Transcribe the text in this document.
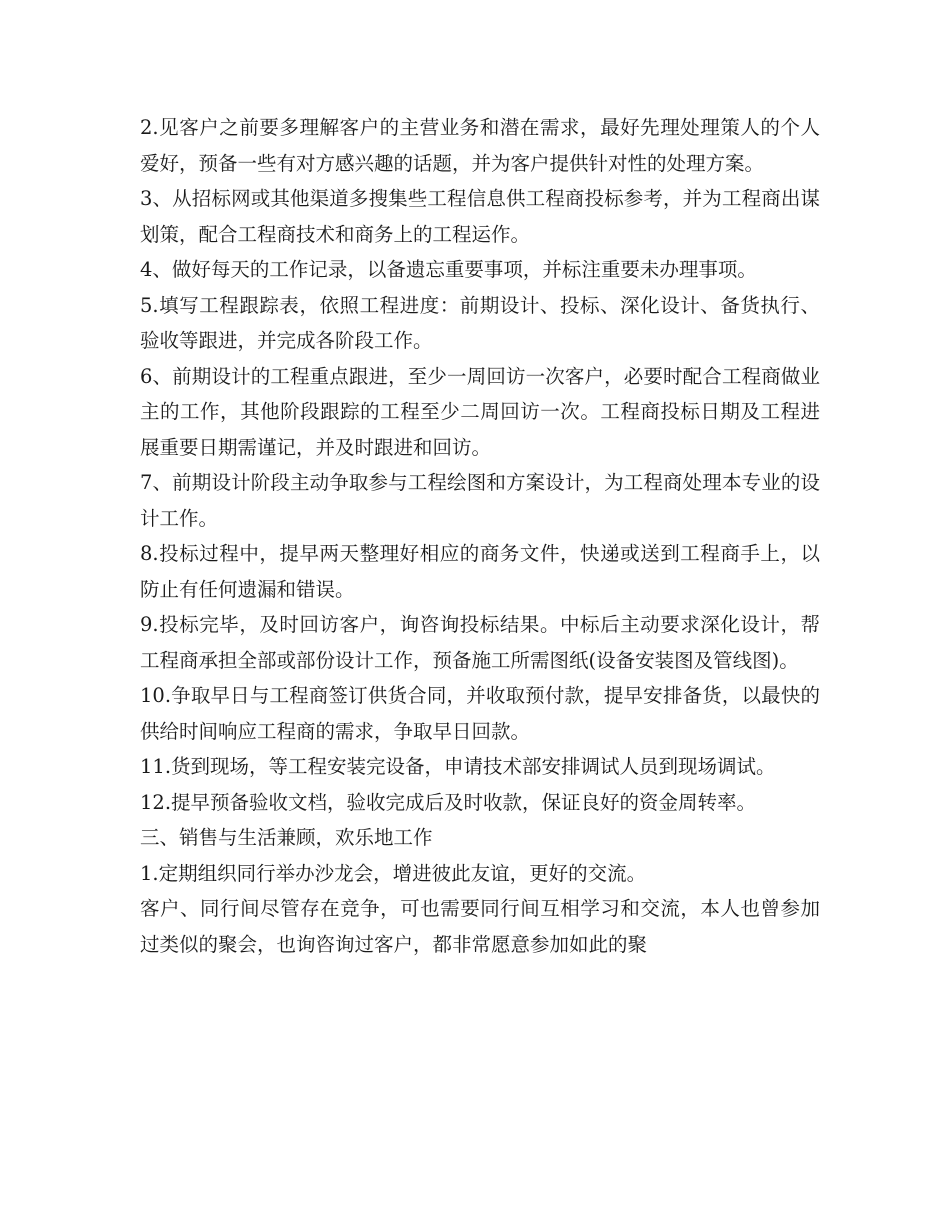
2.见客户之前要多理解客户的主营业务和潜在需求，最好先理处理策人的个人爱好，预备一些有对方感兴趣的话题，并为客户提供针对性的处理方案。

3、从招标网或其他渠道多搜集些工程信息供工程商投标参考，并为工程商出谋划策，配合工程商技术和商务上的工程运作。

4、做好每天的工作记录，以备遗忘重要事项，并标注重要未办理事项。

5.填写工程跟踪表，依照工程进度：前期设计、投标、深化设计、备货执行、验收等跟进，并完成各阶段工作。

6、前期设计的工程重点跟进，至少一周回访一次客户，必要时配合工程商做业主的工作，其他阶段跟踪的工程至少二周回访一次。工程商投标日期及工程进展重要日期需谨记，并及时跟进和回访。

7、前期设计阶段主动争取参与工程绘图和方案设计，为工程商处理本专业的设计工作。

8.投标过程中，提早两天整理好相应的商务文件，快递或送到工程商手上，以防止有任何遗漏和错误。

9.投标完毕，及时回访客户，询咨询投标结果。中标后主动要求深化设计，帮工程商承担全部或部份设计工作，预备施工所需图纸(设备安装图及管线图)。

10.争取早日与工程商签订供货合同，并收取预付款，提早安排备货，以最快的供给时间响应工程商的需求，争取早日回款。

11.货到现场，等工程安装完设备，申请技术部安排调试人员到现场调试。

12.提早预备验收文档，验收完成后及时收款，保证良好的资金周转率。

三、销售与生活兼顾，欢乐地工作

1.定期组织同行举办沙龙会，增进彼此友谊，更好的交流。

客户、同行间尽管存在竞争，可也需要同行间互相学习和交流，本人也曾参加过类似的聚会，也询咨询过客户，都非常愿意参加如此的聚
